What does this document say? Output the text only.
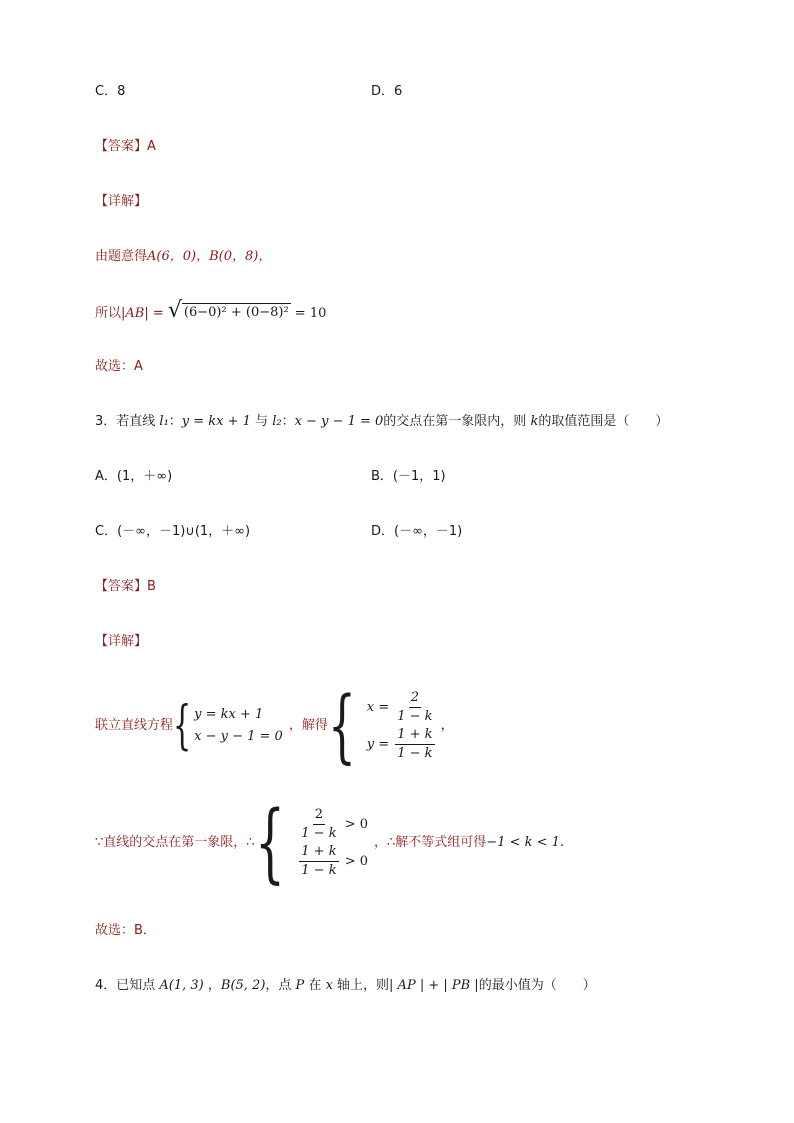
C．8	D．6
【答案】A
【详解】
由题意得A(6，0)，B(0，8)，
所以|AB| = √ (6−0)² + (0−8)² = 10
故选：A
3．若直线 l₁：y = kx + 1 与 l₂：x − y − 1 = 0的交点在第一象限内，则 k的取值范围是（　　）
A．(1，＋∞)	B．(－1，1)
C．(－∞，－1)∪(1，＋∞)	D．(－∞，－1)
【答案】B
【详解】
联立直线方程{ y = kx + 1
x − y − 1 = 0
，解得{ $x = \frac{2}{1 - k}$
$y = \frac{1 + k}{1 - k}$
，
∵直线的交点在第一象限，∴{ $\frac{2}{1 - k} > 0$
$\frac{1 + k}{1 - k} > 0$
，∴解不等式组可得−1 < k < 1.
故选：B．
4．已知点 A(1, 3) ，B(5, 2)，点 P 在 x 轴上，则| AP | + | PB |的最小值为（　　）
